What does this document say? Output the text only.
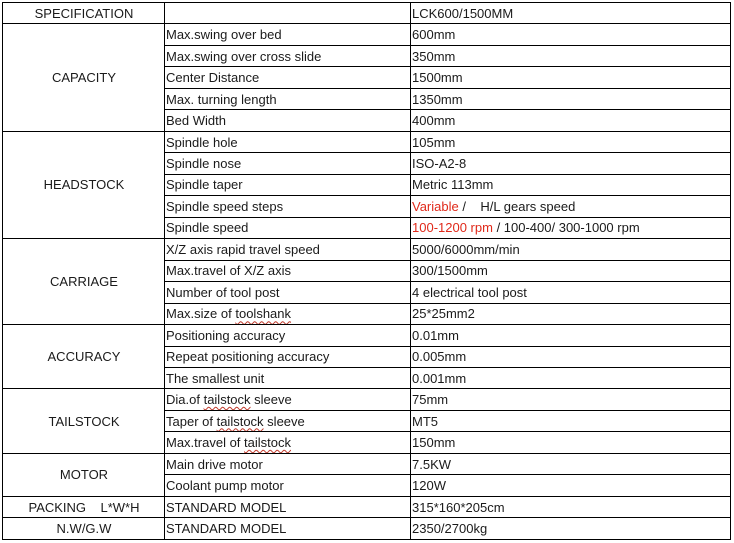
SPECIFICATION		LCK600/1500MM
CAPACITY	Max.swing over bed	600mm
	Max.swing over cross slide	350mm
	Center Distance	1500mm
	Max. turning length	1350mm
	Bed Width	400mm
HEADSTOCK	Spindle hole	105mm
	Spindle nose	ISO-A2-8
	Spindle taper	Metric 113mm
	Spindle speed steps	Variable /    H/L gears speed
	Spindle speed	100-1200 rpm / 100-400/ 300-1000 rpm
CARRIAGE	X/Z axis rapid travel speed	5000/6000mm/min
	Max.travel of X/Z axis	300/1500mm
	Number of tool post	4 electrical tool post
	Max.size of toolshank	25*25mm2
ACCURACY	Positioning accuracy	0.01mm
	Repeat positioning accuracy	0.005mm
	The smallest unit	0.001mm
TAILSTOCK	Dia.of tailstock sleeve	75mm
	Taper of tailstock sleeve	MT5
	Max.travel of tailstock	150mm
MOTOR	Main drive motor	7.5KW
	Coolant pump motor	120W
PACKING    L*W*H	STANDARD MODEL	315*160*205cm
N.W/G.W	STANDARD MODEL	2350/2700kg
